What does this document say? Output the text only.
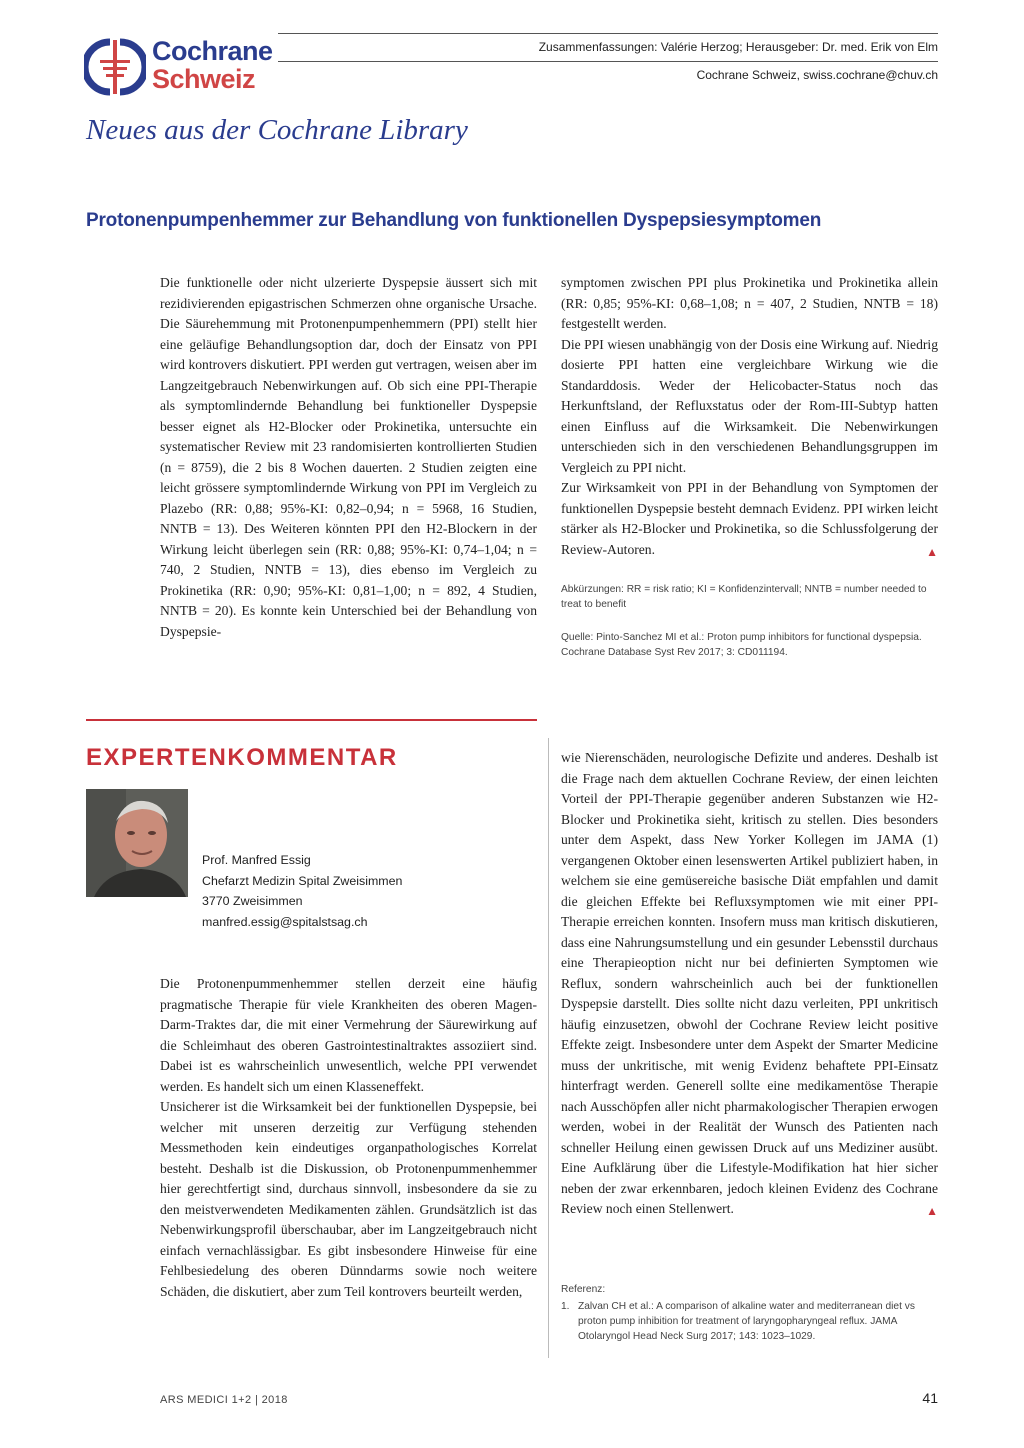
Cochrane
Schweiz
Zusammenfassungen: Valérie Herzog; Herausgeber: Dr. med. Erik von Elm
Cochrane Schweiz, swiss.cochrane@chuv.ch
Neues aus der Cochrane Library
Protonenpumpenhemmer zur Behandlung von funktionellen Dyspepsiesymptomen

Die funktionelle oder nicht ulzerierte Dyspepsie äussert sich mit rezidivierenden epigastrischen Schmerzen ohne organische Ursache. Die Säurehemmung mit Protonenpumpenhemmern (PPI) stellt hier eine geläufige Behandlungsoption dar, doch der Einsatz von PPI wird kontrovers diskutiert. PPI werden gut vertragen, weisen aber im Langzeitgebrauch Nebenwirkungen auf. Ob sich eine PPI-Therapie als symptomlindernde Behandlung bei funktioneller Dyspepsie besser eignet als H2-Blocker oder Prokinetika, untersuchte ein systematischer Review mit 23 randomisierten kontrollierten Studien (n = 8759), die 2 bis 8 Wochen dauerten. 2 Studien zeigten eine leicht grössere symptomlindernde Wirkung von PPI im Vergleich zu Plazebo (RR: 0,88; 95%-KI: 0,82–0,94; n = 5968, 16 Studien, NNTB = 13). Des Weiteren könnten PPI den H2-Blockern in der Wirkung leicht überlegen sein (RR: 0,88; 95%-KI: 0,74–1,04; n = 740, 2 Studien, NNTB = 13), dies ebenso im Vergleich zu Prokinetika (RR: 0,90; 95%-KI: 0,81–1,00; n = 892, 4 Studien, NNTB = 20). Es konnte kein Unterschied bei der Behandlung von Dyspepsie-

symptomen zwischen PPI plus Prokinetika und Prokinetika allein (RR: 0,85; 95%-KI: 0,68–1,08; n = 407, 2 Studien, NNTB = 18) festgestellt werden.

Die PPI wiesen unabhängig von der Dosis eine Wirkung auf. Niedrig dosierte PPI hatten eine vergleichbare Wirkung wie die Standarddosis. Weder der Helicobacter-Status noch das Herkunftsland, der Refluxstatus oder der Rom-III-Subtyp hatten einen Einfluss auf die Wirksamkeit. Die Nebenwirkungen unterschieden sich in den verschiedenen Behandlungsgruppen im Vergleich zu PPI nicht.

Zur Wirksamkeit von PPI in der Behandlung von Symptomen der funktionellen Dyspepsie besteht demnach Evidenz. PPI wirken leicht stärker als H2-Blocker und Prokinetika, so die Schlussfolgerung der Review-Autoren.	▲

Abkürzungen: RR = risk ratio; KI = Konfidenzintervall; NNTB = number needed to treat to benefit
Quelle: Pinto-Sanchez MI et al.: Proton pump inhibitors for functional dyspepsia. Cochrane Database Syst Rev 2017; 3: CD011194.
EXPERTENKOMMENTAR
Prof. Manfred Essig
Chefarzt Medizin Spital Zweisimmen
3770 Zweisimmen
manfred.essig@spitalstsag.ch

Die Protonenpummenhemmer stellen derzeit eine häufig pragmatische Therapie für viele Krankheiten des oberen Magen-Darm-Traktes dar, die mit einer Vermehrung der Säurewirkung auf die Schleimhaut des oberen Gastrointestinaltraktes assoziiert sind. Dabei ist es wahrscheinlich unwesentlich, welche PPI verwendet werden. Es handelt sich um einen Klasseneffekt.

Unsicherer ist die Wirksamkeit bei der funktionellen Dyspepsie, bei welcher mit unseren derzeitig zur Verfügung stehenden Messmethoden kein eindeutiges organpathologisches Korrelat besteht. Deshalb ist die Diskussion, ob Protonenpummenhemmer hier gerechtfertigt sind, durchaus sinnvoll, insbesondere da sie zu den meistverwendeten Medikamenten zählen. Grundsätzlich ist das Nebenwirkungsprofil überschaubar, aber im Langzeitgebrauch nicht einfach vernachlässigbar. Es gibt insbesondere Hinweise für eine Fehlbesiedelung des oberen Dünndarms sowie noch weitere Schäden, die diskutiert, aber zum Teil kontrovers beurteilt werden,

wie Nierenschäden, neurologische Defizite und anderes. Deshalb ist die Frage nach dem aktuellen Cochrane Review, der einen leichten Vorteil der PPI-Therapie gegenüber anderen Substanzen wie H2-Blocker und Prokinetika sieht, kritisch zu stellen. Dies besonders unter dem Aspekt, dass New Yorker Kollegen im JAMA (1) vergangenen Oktober einen lesenswerten Artikel publiziert haben, in welchem sie eine gemüsereiche basische Diät empfahlen und damit die gleichen Effekte bei Refluxsymptomen wie mit einer PPI-Therapie erreichen konnten. Insofern muss man kritisch diskutieren, dass eine Nahrungsumstellung und ein gesunder Lebensstil durchaus eine Therapieoption nicht nur bei definierten Symptomen wie Reflux, sondern wahrscheinlich auch bei der funktionellen Dyspepsie darstellt. Dies sollte nicht dazu verleiten, PPI unkritisch häufig einzusetzen, obwohl der Cochrane Review leicht positive Effekte zeigt. Insbesondere unter dem Aspekt der Smarter Medicine muss der unkritische, mit wenig Evidenz behaftete PPI-Einsatz hinterfragt werden. Generell sollte eine medikamentöse Therapie nach Ausschöpfen aller nicht pharmakologischer Therapien erwogen werden, wobei in der Realität der Wunsch des Patienten nach schneller Heilung einen gewissen Druck auf uns Mediziner ausübt. Eine Aufklärung über die Lifestyle-Modifikation hat hier sicher neben der zwar erkennbaren, jedoch kleinen Evidenz des Cochrane Review noch einen Stellenwert.	▲

Referenz:
1. Zalvan CH et al.: A comparison of alkaline water and mediterranean diet vs proton pump inhibition for treatment of laryngopharyngeal reflux. JAMA Otolaryngol Head Neck Surg 2017; 143: 1023–1029.
ARS MEDICI 1+2 | 2018	41
